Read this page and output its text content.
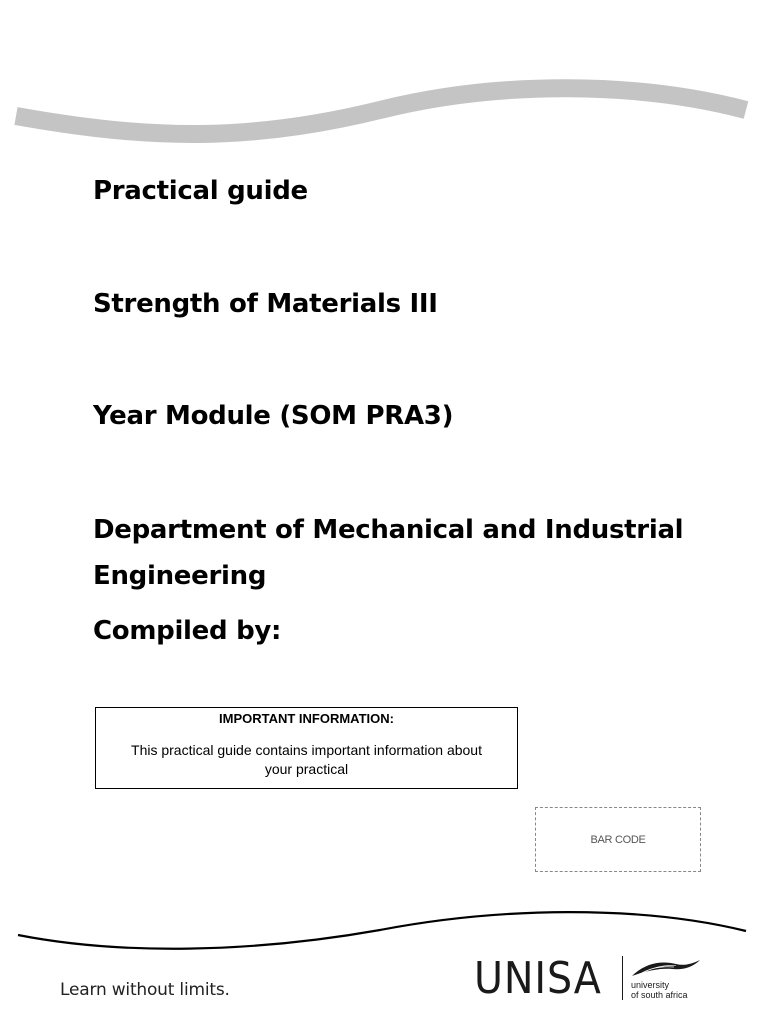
Practical guide
Strength of Materials III
Year Module (SOM PRA3)
Department of Mechanical and Industrial Engineering
Compiled by:
IMPORTANT INFORMATION:
This practical guide contains important information about your practical
BAR CODE
Learn without limits.	UNISA	university
of south africa
